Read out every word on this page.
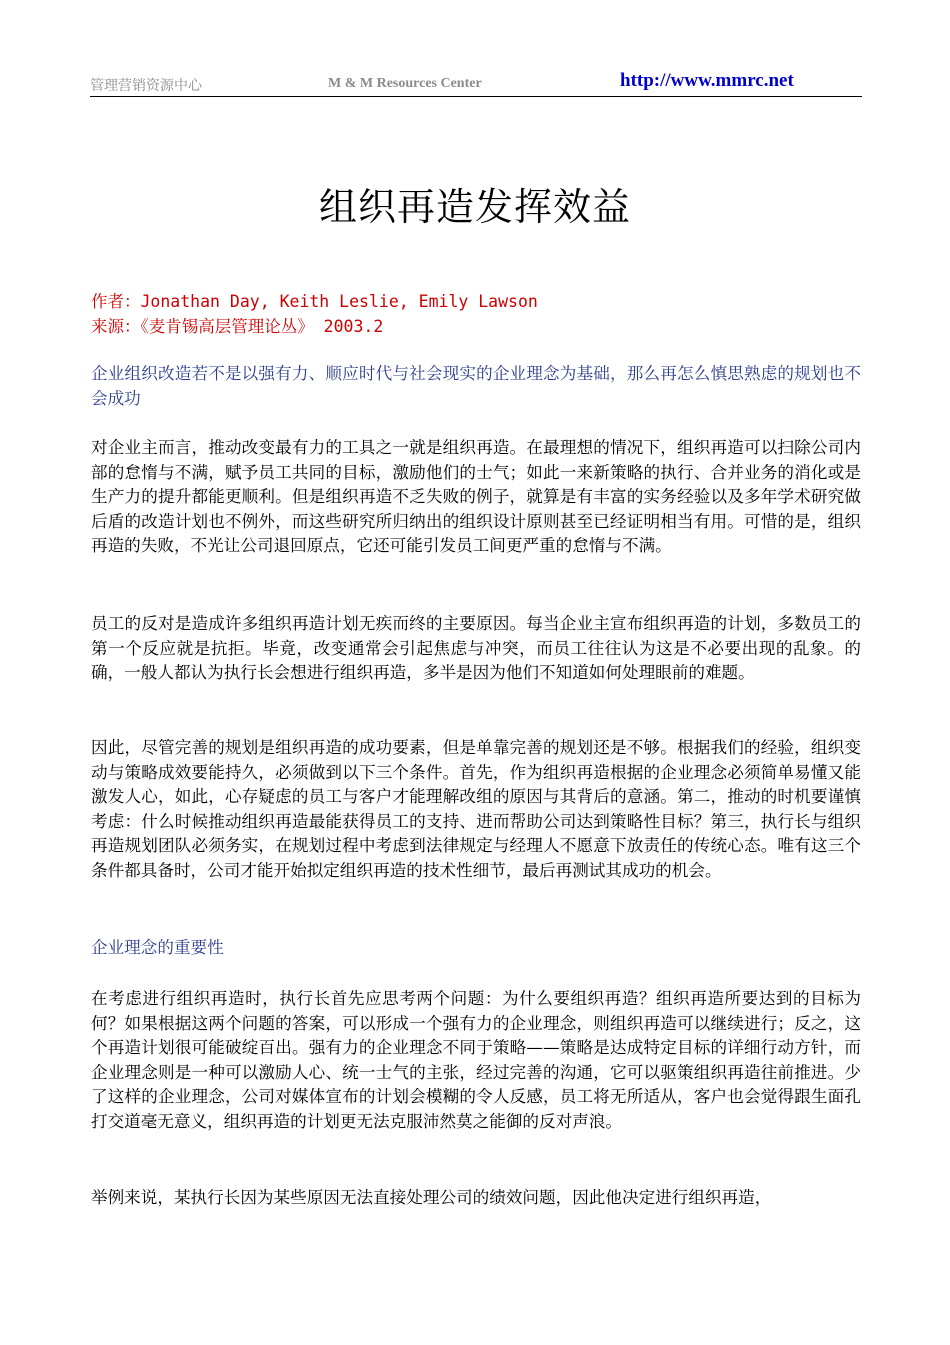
管理营销资源中心	M & M Resources Center	http://www.mmrc.net
组织再造发挥效益
作者：Jonathan Day, Keith Leslie, Emily Lawson
来源：《麦肯锡高层管理论丛》 2003.2

企业组织改造若不是以强有力、顺应时代与社会现实的企业理念为基础，那么再怎么慎思熟虑的规划也不会成功

对企业主而言，推动改变最有力的工具之一就是组织再造。在最理想的情况下，组织再造可以扫除公司内部的怠惰与不满，赋予员工共同的目标，激励他们的士气；如此一来新策略的执行、合并业务的消化或是生产力的提升都能更顺利。但是组织再造不乏失败的例子，就算是有丰富的实务经验以及多年学术研究做后盾的改造计划也不例外，而这些研究所归纳出的组织设计原则甚至已经证明相当有用。可惜的是，组织再造的失败，不光让公司退回原点，它还可能引发员工间更严重的怠惰与不满。

员工的反对是造成许多组织再造计划无疾而终的主要原因。每当企业主宣布组织再造的计划，多数员工的第一个反应就是抗拒。毕竟，改变通常会引起焦虑与冲突，而员工往往认为这是不必要出现的乱象。的确，一般人都认为执行长会想进行组织再造，多半是因为他们不知道如何处理眼前的难题。

因此，尽管完善的规划是组织再造的成功要素，但是单靠完善的规划还是不够。根据我们的经验，组织变动与策略成效要能持久，必须做到以下三个条件。首先，作为组织再造根据的企业理念必须简单易懂又能激发人心，如此，心存疑虑的员工与客户才能理解改组的原因与其背后的意涵。第二，推动的时机要谨慎考虑：什么时候推动组织再造最能获得员工的支持、进而帮助公司达到策略性目标？第三，执行长与组织再造规划团队必须务实，在规划过程中考虑到法律规定与经理人不愿意下放责任的传统心态。唯有这三个条件都具备时，公司才能开始拟定组织再造的技术性细节，最后再测试其成功的机会。

企业理念的重要性

在考虑进行组织再造时，执行长首先应思考两个问题：为什么要组织再造？组织再造所要达到的目标为何？如果根据这两个问题的答案，可以形成一个强有力的企业理念，则组织再造可以继续进行；反之，这个再造计划很可能破绽百出。强有力的企业理念不同于策略——策略是达成特定目标的详细行动方针，而企业理念则是一种可以激励人心、统一士气的主张，经过完善的沟通，它可以驱策组织再造往前推进。少了这样的企业理念，公司对媒体宣布的计划会模糊的令人反感，员工将无所适从，客户也会觉得跟生面孔打交道毫无意义，组织再造的计划更无法克服沛然莫之能御的反对声浪。

举例来说，某执行长因为某些原因无法直接处理公司的绩效问题，因此他决定进行组织再造，
